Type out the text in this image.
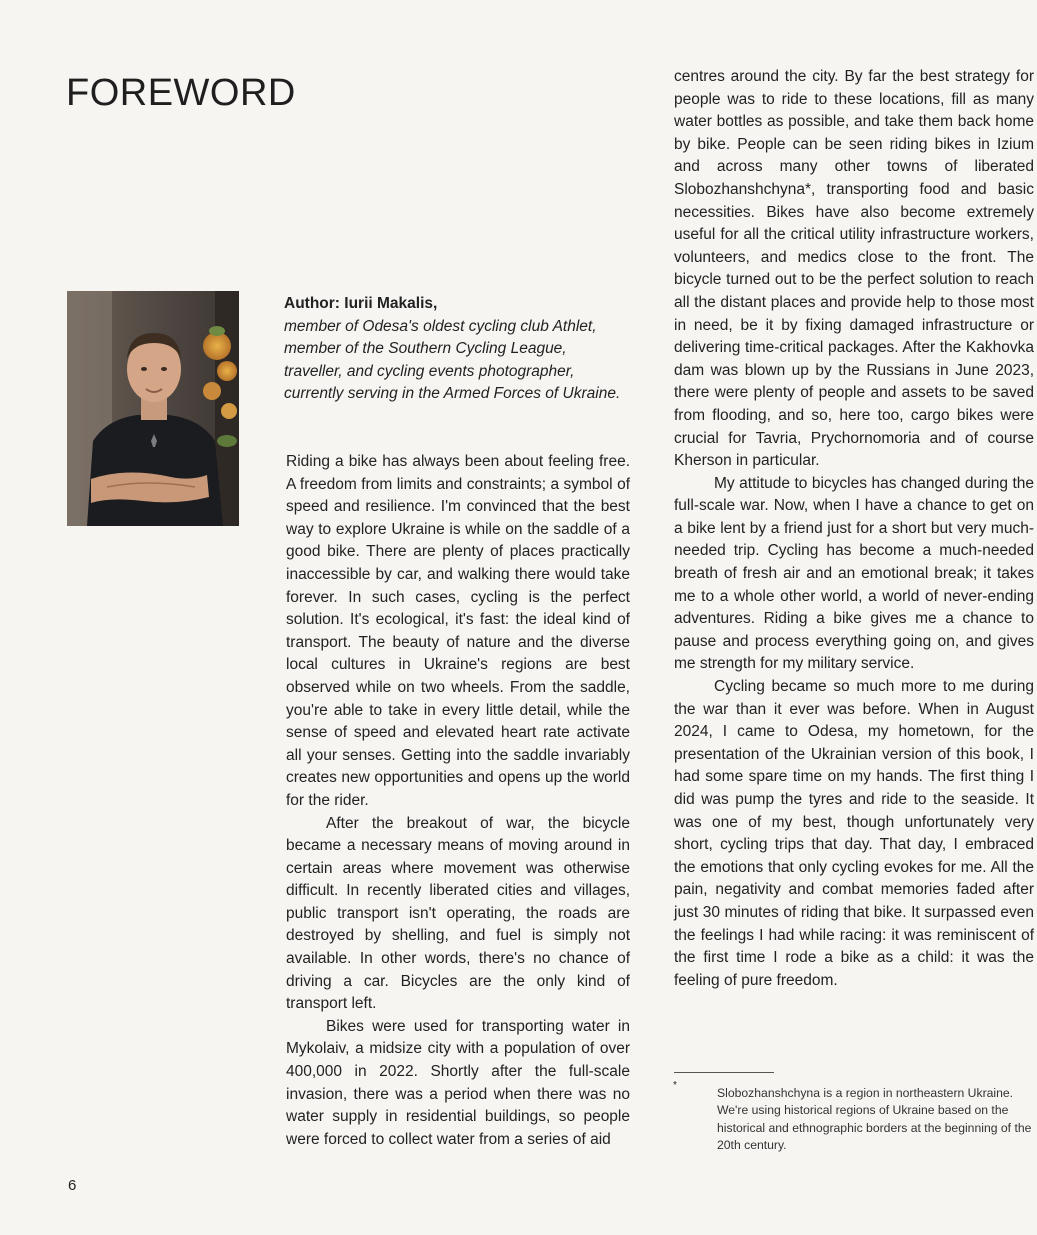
FOREWORD
Author: Iurii Makalis,
member of Odesa's oldest cycling club Athlet,
member of the Southern Cycling League,
traveller, and cycling events photographer,
currently serving in the Armed Forces of Ukraine.

Riding a bike has always been about feeling free. A freedom from limits and constraints; a symbol of speed and resilience. I'm convinced that the best way to explore Ukraine is while on the saddle of a good bike. There are plenty of places practically inaccessible by car, and walking there would take forever. In such cases, cycling is the perfect solution. It's ecological, it's fast: the ideal kind of transport. The beauty of nature and the diverse local cultures in Ukraine's regions are best observed while on two wheels. From the saddle, you're able to take in every little detail, while the sense of speed and elevated heart rate activate all your senses. Getting into the saddle invariably creates new opportunities and opens up the world for the rider.

After the breakout of war, the bicycle became a necessary means of moving around in certain areas where movement was otherwise difficult. In recently liberated cities and villages, public transport isn't operating, the roads are destroyed by shelling, and fuel is simply not available. In other words, there's no chance of driving a car. Bicycles are the only kind of transport left.

Bikes were used for transporting water in Mykolaiv, a midsize city with a population of over 400,000 in 2022. Shortly after the full-scale invasion, there was a period when there was no water supply in residential buildings, so people were forced to collect water from a series of aid

centres around the city. By far the best strategy for people was to ride to these locations, fill as many water bottles as possible, and take them back home by bike. People can be seen riding bikes in Izium and across many other towns of liberated Slobozhanshchyna*, transporting food and basic necessities. Bikes have also become extremely useful for all the critical utility infrastructure workers, volunteers, and medics close to the front. The bicycle turned out to be the perfect solution to reach all the distant places and provide help to those most in need, be it by fixing damaged infrastructure or delivering time-critical packages. After the Kakhovka dam was blown up by the Russians in June 2023, there were plenty of people and assets to be saved from flooding, and so, here too, cargo bikes were crucial for Tavria, Prychornomoria and of course Kherson in particular.

My attitude to bicycles has changed during the full-scale war. Now, when I have a chance to get on a bike lent by a friend just for a short but very much-needed trip. Cycling has become a much-needed breath of fresh air and an emotional break; it takes me to a whole other world, a world of never-ending adventures. Riding a bike gives me a chance to pause and process everything going on, and gives me strength for my military service.

Cycling became so much more to me during the war than it ever was before. When in August 2024, I came to Odesa, my hometown, for the presentation of the Ukrainian version of this book, I had some spare time on my hands. The first thing I did was pump the tyres and ride to the seaside. It was one of my best, though unfortunately very short, cycling trips that day. That day, I embraced the emotions that only cycling evokes for me. All the pain, negativity and combat memories faded after just 30 minutes of riding that bike. It surpassed even the feelings I had while racing: it was reminiscent of the first time I rode a bike as a child: it was the feeling of pure freedom.

*

Slobozhanshchyna is a region in northeastern Ukraine. We're using historical regions of Ukraine based on the historical and ethnographic borders at the beginning of the 20th century.

6
